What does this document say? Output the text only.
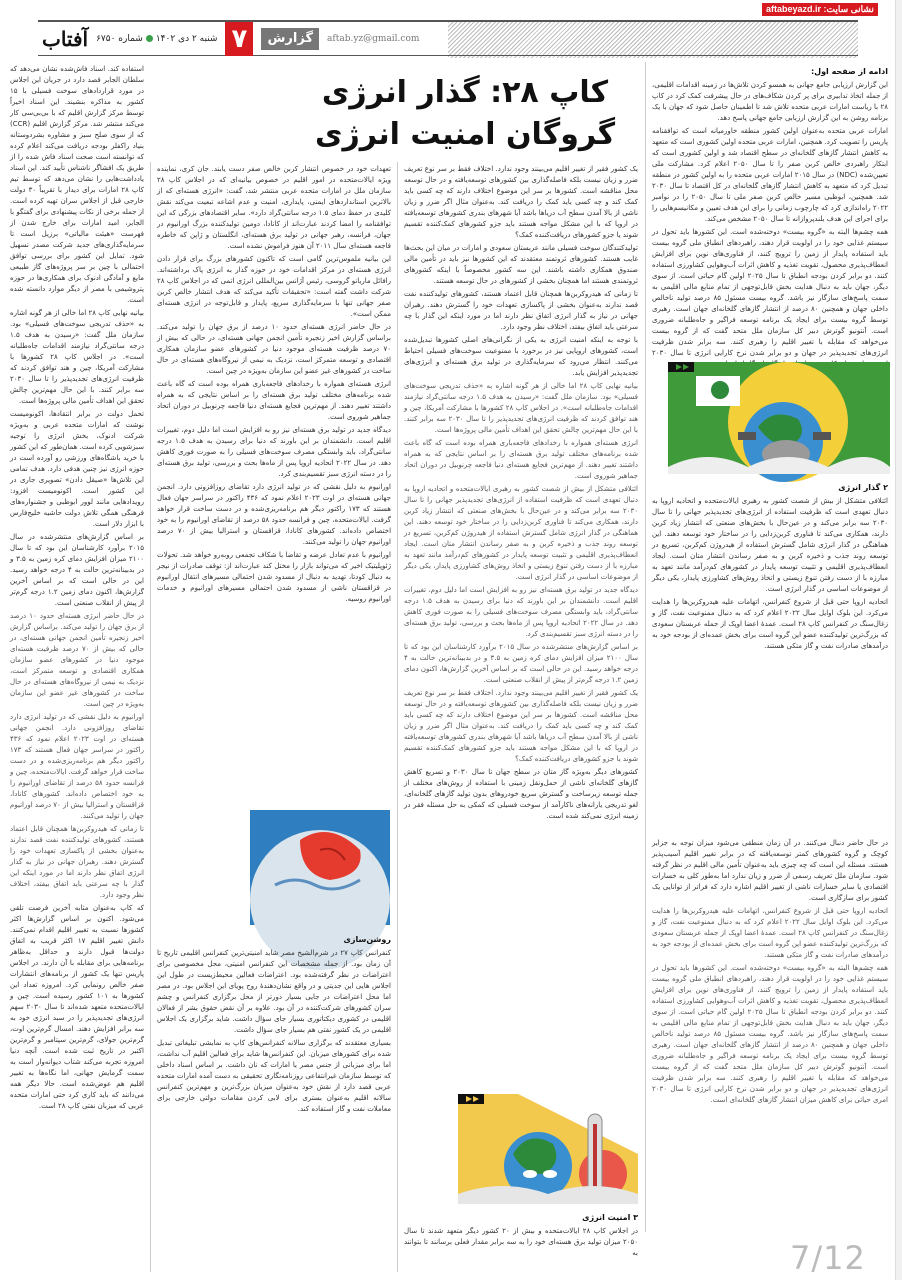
نشانی سایت: aftabeyazd.ir
آفتاب	شنبه ۲ دی ۱۴۰۲شماره ۶۷۵۰	۷	گزارش	aftab.yz@gmail.com
کاپ ۲۸: گذار انرژی
گروگان امنیت انرژی

ادامه از صفحه اول:

این گزارش ارزیابی جامع جهانی به همسو کردن تلاش‌ها در زمینه اقدامات اقلیمی، از جمله اتخاذ تدابیری برای پر کردن شکاف‌های در حال پیشرفت کمک کرد در کاپ ۲۸ با ریاست امارات عربی متحده تلاش شد تا اطمینان حاصل شود که جهان با یک برنامه روشن به این گزارش ارزیابی جامع جهانی پاسخ دهد.

امارات عربی متحده به‌عنوان اولین کشور منطقه خاورمیانه است که توافقنامه پاریس را تصویب کرد. همچنین، امارات عربی متحده اولین کشوری است که متعهد به کاهش انتشار گازهای گلخانه‌ای در سطح اقتصاد شد و اولین کشوری است که ابتکار راهبردی خالص کربن صفر را تا سال ۲۰۵۰ اعلام کرد. مشارکت ملی تعیین‌شده (NDC) در سال ۲۰۱۵ امارات عربی متحده را به اولین کشور در منطقه تبدیل کرد که متعهد به کاهش انتشار گازهای گلخانه‌ای در کل اقتصاد تا سال ۲۰۳۰ شد. همچنین، ابوظبی مسیر خالص کربن صفر ملی تا سال ۲۰۵۰ را در نوامبر ۲۰۲۲ راه‌اندازی کرد که چارچوب زمانی را برای این هدف تعیین و مکانیسم‌هایی را برای اجرای این هدف بلندپروازانه تا سال ۲۰۵۰ مشخص می‌کند.

همه چشم‌ها البته به «گروه بیست» دوخته‌شده است. این کشورها باید تحول در سیستم غذایی خود را در اولویت قرار دهند، راهبردهای انطباق ملی گروه بیست باید استفاده پایدار از زمین را ترویج کنند، از فناوری‌های نوین برای افزایش انعطاف‌پذیری محصول، تقویت تغذیه و کاهش اثرات آب‌وهوایی کشاورزی استفاده کنند. دو برابر کردن بودجه انطباق تا سال ۲۰۲۵ اولین گام حیاتی است. از سوی دیگر، جهان باید به دنبال هدایت بخش قابل‌توجهی از تمام منابع مالی اقلیمی به سمت پاسخ‌های سازگار نیز باشد. گروه بیست مسئول ۸۵ درصد تولید ناخالص داخلی جهان و همچنین ۸۰ درصد از انتشار گازهای گلخانه‌ای جهان است. رهبری توسط گروه بیست برای ایجاد یک برنامه توسعه فراگیر و جاه‌طلبانه ضروری است. آنتونیو گوترش دبیر کل سازمان ملل متحد گفت که از گروه بیست می‌خواهد که مقابله با تغییر اقلیم را رهبری کنند. سه برابر شدن ظرفیت انرژی‌های تجدیدپذیر در جهان و دو برابر شدن نرخ کارایی انرژی تا سال ۲۰۳۰

۲ گذار انرژی

ائتلافی متشکل از بیش از شصت کشور به رهبری ایالات‌متحده و اتحادیه اروپا به دنبال تعهدی است که ظرفیت استفاده از انرژی‌های تجدیدپذیر جهانی را تا سال ۲۰۳۰ سه برابر می‌کند و در عین‌حال با بخش‌های صنعتی که انتشار زیاد کربن دارند، همکاری می‌کند تا فناوری کربن‌زدایی را در ساختار خود توسعه دهند. این هماهنگی در گذار انرژی شامل گسترش استفاده از هیدروژن کم‌کربن، تسریع در توسعه روند جذب و ذخیره کربن و به صفر رساندن انتشار متان است. ایجاد انعطاف‌پذیری اقلیمی و تثبیت توسعه پایدار در کشورهای کم‌درآمد مانند تعهد به مبارزه با از دست رفتن تنوع زیستی و اتخاذ روش‌های کشاورزی پایدار، یکی دیگر از موضوعات اساسی در گذار انرژی است.

اتحادیه اروپا حتی قبل از شروع کنفرانس، اتهامات علیه هیدروکربن‌ها را هدایت می‌کرد. این بلوک اوایل سال ۲۰۲۲ اعلام کرد که به دنبال ممنوعیت نفت، گاز و زغال‌سنگ در کنفرانس کاپ ۲۸ است. عمدهٔ اعضا اوپک از جمله عربستان سعودی که بزرگ‌ترین تولیدکننده عضو این گروه است برای بخش عمده‌ای از بودجه خود به درآمدهای صادرات نفت و گاز متکی هستند.

در حال حاضر دنبال می‌کنند. در آن زمان منطقی می‌شود میزان توجه به جزایر کوچک و گروه کشورهای کمتر توسعه‌یافته که در برابر تغییر اقلیم آسیب‌پذیر هستند. مسئله این است که چه چیزی باید به‌عنوان تأمین مالی اقلیم در نظر گرفته شود. سازمان ملل تعریف رسمی از ضرر و زیان ندارد اما به‌طور کلی به خسارات اقتصادی یا سایر خسارات ناشی از تغییر اقلیم اشاره دارد که فراتر از توانایی یک کشور برای سازگاری است.

اتحادیه اروپا حتی قبل از شروع کنفرانس، اتهامات علیه هیدروکربن‌ها را هدایت می‌کرد. این بلوک اوایل سال ۲۰۲۲ اعلام کرد که به دنبال ممنوعیت نفت، گاز و زغال‌سنگ در کنفرانس کاپ ۲۸ است. عمدهٔ اعضا اوپک از جمله عربستان سعودی که بزرگ‌ترین تولیدکننده عضو این گروه است برای بخش عمده‌ای از بودجه خود به درآمدهای صادرات نفت و گاز متکی هستند.

همه چشم‌ها البته به «گروه بیست» دوخته‌شده است. این کشورها باید تحول در سیستم غذایی خود را در اولویت قرار دهند، راهبردهای انطباق ملی گروه بیست باید استفاده پایدار از زمین را ترویج کنند، از فناوری‌های نوین برای افزایش انعطاف‌پذیری محصول، تقویت تغذیه و کاهش اثرات آب‌وهوایی کشاورزی استفاده کنند. دو برابر کردن بودجه انطباق تا سال ۲۰۲۵ اولین گام حیاتی است. از سوی دیگر، جهان باید به دنبال هدایت بخش قابل‌توجهی از تمام منابع مالی اقلیمی به سمت پاسخ‌های سازگار نیز باشد. گروه بیست مسئول ۸۵ درصد تولید ناخالص داخلی جهان و همچنین ۸۰ درصد از انتشار گازهای گلخانه‌ای جهان است. رهبری توسط گروه بیست برای ایجاد یک برنامه توسعه فراگیر و جاه‌طلبانه ضروری است. آنتونیو گوترش دبیر کل سازمان ملل متحد گفت که از گروه بیست می‌خواهد که مقابله با تغییر اقلیم را رهبری کنند. سه برابر شدن ظرفیت انرژی‌های تجدیدپذیر در جهان و دو برابر شدن نرخ کارایی انرژی تا سال ۲۰۳۰ امری حیاتی برای کاهش میزان انتشار گازهای گلخانه‌ای است.

یک کشور فقیر از تغییر اقلیم می‌بینند وجود ندارد. اختلاف فقط بر سر نوع تعریف ضرر و زیان نیست بلکه فاصله‌گذاری بین کشورهای توسعه‌یافته و در حال توسعه محل مناقشه است. کشورها بر سر این موضوع اختلاف دارند که چه کسی باید کمک کند و چه کسی باید کمک را دریافت کند. به‌عنوان مثال اگر ضرر و زیان ناشی از بالا آمدن سطح آب دریاها باشد آیا شهرهای بندری کشورهای توسعه‌یافته در اروپا که با این مشکل مواجه هستند باید جزو کشورهای کمک‌کننده تقسیم شوند یا جزو کشورهای دریافت‌کننده کمک؟

تولیدکنندگان سوخت فسیلی مانند عربستان سعودی و امارات در میان این بحث‌ها غایب هستند. کشورهای ثروتمند معتقدند که این کشورها نیز باید در تأمین مالی صندوق همکاری داشته باشند. این سه کشور مخصوصاً با اینکه کشورهای ثروتمندی هستند اما همچنان بخشی از کشورهای در حال توسعه هستند.

تا زمانی که هیدروکربن‌ها همچنان قابل ‌اعتماد هستند، کشورهای تولیدکننده نفت قصد ندارند به‌عنوان بخشی از پاکسازی تعهدات خود را گسترش دهند. رهبران جهانی در نیاز به گذار انرژی اتفاق نظر دارند اما در مورد اینکه این گذار با چه سرعتی باید اتفاق بیفتد، اختلاف نظر وجود دارد.

با توجه به اینکه امنیت انرژی به یکی از نگرانی‌های اصلی کشورها تبدیل‌شده است، کشورهای اروپایی نیز در برخورد با ممنوعیت سوخت‌های فسیلی احتیاط می‌کنند. انتظار می‌رود که سرمایه‌گذاری در تولید برق هسته‌ای و انرژی‌های تجدیدپذیر افزایش یابد.

بیانیه نهایی کاپ ۲۸ اما خالی از هر گونه اشاره به «حذف تدریجی سوخت‌های فسیلی» بود. سازمان ملل گفت: «رسیدن به هدف ۱.۵ درجه سانتی‌گراد نیازمند اقدامات جاه‌طلبانه است». در اجلاس کاپ ۲۸ کشورها با مشارکت آمریکا، چین و هند توافق کردند که ظرفیت انرژی‌های تجدیدپذیر را تا سال ۲۰۳۰ سه برابر کنند. با این حال مهم‌ترین چالش تحقق این اهداف تأمین مالی پروژه‌ها است.

انرژی هسته‌ای همواره با رخدادهای فاجعه‌باری همراه بوده است که گاه باعث شده برنامه‌های مختلف تولید برق هسته‌ای را بر اساس نتایجی که به همراه داشتند تغییر دهند. از مهم‌ترین فجایع هسته‌ای دنیا فاجعه چرنوبیل در دوران اتحاد جماهیر شوروی است.

ائتلافی متشکل از بیش از شصت کشور به رهبری ایالات‌متحده و اتحادیه اروپا به دنبال تعهدی است که ظرفیت استفاده از انرژی‌های تجدیدپذیر جهانی را تا سال ۲۰۳۰ سه برابر می‌کند و در عین‌حال با بخش‌های صنعتی که انتشار زیاد کربن دارند، همکاری می‌کند تا فناوری کربن‌زدایی را در ساختار خود توسعه دهند. این هماهنگی در گذار انرژی شامل گسترش استفاده از هیدروژن کم‌کربن، تسریع در توسعه روند جذب و ذخیره کربن و به صفر رساندن انتشار متان است. ایجاد انعطاف‌پذیری اقلیمی و تثبیت توسعه پایدار در کشورهای کم‌درآمد مانند تعهد به مبارزه با از دست رفتن تنوع زیستی و اتخاذ روش‌های کشاورزی پایدار، یکی دیگر از موضوعات اساسی در گذار انرژی است.

دیدگاه جدید در تولید برق هسته‌ای نیز رو به افزایش است اما دلیل دوم، تغییرات اقلیم است. دانشمندان بر این باورند که دنیا برای رسیدن به هدف ۱.۵ درجه سانتی‌گراد، باید وابستگی مصرف سوخت‌های فسیلی را به صورت فوری کاهش دهد. در سال ۲۰۲۲ اتحادیه اروپا پس از ماه‌ها بحث و بررسی، تولید برق هسته‌ای را در دسته انرژی سبز تقسیم‌بندی کرد.

بر اساس گزارش‌های منتشرشده در سال ۲۰۱۵ برآورد کارشناسان این بود که تا سال ۲۱۰۰ میزان افزایش دمای کره زمین به ۳.۵ و در بدبینانه‌ترین حالت به ۴ درجه خواهد رسید. این در حالی است که بر اساس آخرین گزارش‌ها، اکنون دمای زمین ۱.۲ درجه گرم‌تر از پیش از انقلاب صنعتی است.

یک کشور فقیر از تغییر اقلیم می‌بینند وجود ندارد. اختلاف فقط بر سر نوع تعریف ضرر و زیان نیست بلکه فاصله‌گذاری بین کشورهای توسعه‌یافته و در حال توسعه محل مناقشه است. کشورها بر سر این موضوع اختلاف دارند که چه کسی باید کمک کند و چه کسی باید کمک را دریافت کند. به‌عنوان مثال اگر ضرر و زیان ناشی از بالا آمدن سطح آب دریاها باشد آیا شهرهای بندری کشورهای توسعه‌یافته در اروپا که با این مشکل مواجه هستند باید جزو کشورهای کمک‌کننده تقسیم شوند یا جزو کشورهای دریافت‌کننده کمک؟

کشورهای دیگر به‌ویژه گاز متان در سطح جهان تا سال ۲۰۳۰ و تسریع کاهش گازهای گلخانه‌ای ناشی از حمل‌ونقل زمینی با استفاده از روش‌های مختلف از جمله توسعه زیرساخت و گسترش سریع خودروهای بدون تولید گازهای گلخانه‌ای، لغو تدریجی یارانه‌های ناکارآمد از سوخت فسیلی که کمکی به حل مسئله فقر در زمینه انرژی نمی‌کند شده است.

۳ امنیت انرژی

در اجلاس کاپ ۲۸ ایالات‌متحده و بیش از ۲۰ کشور دیگر متعهد شدند تا سال ۲۰۵۰ میزان تولید برق هسته‌ای خود را به سه برابر مقدار فعلی برسانند تا بتوانند به

تعهدات خود در خصوص انتشار کربن خالص صفر دست یابند. جان کری، نماینده ویژه ایالات‌متحده در امور اقلیم در خصوص بیانیه‌ای که در اجلاس کاپ ۲۸ سازمان ملل در امارات متحده عربی منتشر شد، گفت: «انرژی هسته‌ای که از بالاترین استانداردهای ایمنی، پایداری، امنیت و عدم اشاعه تبعیت می‌کند نقش کلیدی در حفظ دمای ۱.۵ درجه سانتی‌گراد دارد». سایر اقتصادهای بزرگی که این توافقنامه را امضا کردند عبارت‌اند از کانادا، دومین تولیدکننده بزرگ اورانیوم در جهان، فرانسه، رهبر جهانی در تولید برق هسته‌ای، انگلستان و ژاپن که خاطره فاجعه هسته‌ای سال ۲۰۱۱ آن هنوز فراموش نشده است.

این بیانیه ملموس‌ترین گامی است که تاکنون کشورهای بزرگ برای قرار دادن انرژی هسته‌ای در مرکز اقدامات خود در حوزه گذار به انرژی پاک برداشته‌اند. رافائل ماریانو گروسی، رئیس آژانس بین‌المللی انرژی اتمی که در اجلاس کاپ ۲۸ شرکت داشت گفته است: «تحقیقات تأکید می‌کند که هدف انتشار خالص کربن صفر جهانی تنها با سرمایه‌گذاری سریع، پایدار و قابل‌توجه در انرژی هسته‌ای ممکن است».

در حال حاضر انرژی هسته‌ای حدود ۱۰ درصد از برق جهان را تولید می‌کند. براساس گزارش اخیر زنجیره تأمین انجمن جهانی هسته‌ای، در حالی که بیش از ۷۰ درصد ظرفیت هسته‌ای موجود دنیا در کشورهای عضو سازمان همکاری اقتصادی و توسعه متمرکز است، نزدیک به نیمی از نیروگاه‌های هسته‌ای در حال ساخت در کشورهای غیر عضو این سازمان به‌ویژه در چین است.

انرژی هسته‌ای همواره با رخدادهای فاجعه‌باری همراه بوده است که گاه باعث شده برنامه‌های مختلف تولید برق هسته‌ای را بر اساس نتایجی که به همراه داشتند تغییر دهند. از مهم‌ترین فجایع هسته‌ای دنیا فاجعه چرنوبیل در دوران اتحاد جماهیر شوروی است.

دیدگاه جدید در تولید برق هسته‌ای نیز رو به افزایش است اما دلیل دوم، تغییرات اقلیم است. دانشمندان بر این باورند که دنیا برای رسیدن به هدف ۱.۵ درجه سانتی‌گراد، باید وابستگی مصرف سوخت‌های فسیلی را به صورت فوری کاهش دهد. در سال ۲۰۲۲ اتحادیه اروپا پس از ماه‌ها بحث و بررسی، تولید برق هسته‌ای را در دسته انرژی سبز تقسیم‌بندی کرد.

اورانیوم به دلیل نقشی که در تولید انرژی دارد تقاضای روزافزونی دارد. انجمن جهانی هسته‌ای در اوت ۲۰۲۳ اعلام نمود که ۴۳۶ راکتور در سراسر جهان فعال هستند که ۱۷۳ راکتور دیگر هم برنامه‌ریزی‌شده و در دست ساخت قرار خواهد گرفت. ایالات‌متحده، چین و فرانسه حدود ۵۸ درصد از تقاضای اورانیوم را به خود اختصاص داده‌اند. کشورهای کانادا، قزاقستان و استرالیا بیش از ۷۰ درصد اورانیوم جهان را تولید می‌کنند.

اورانیوم با عدم تعادل عرضه و تقاضا با شکاف تجمعی روبه‌رو خواهد شد. تحولات ژئوپلیتیک اخیر که می‌تواند بازار را مختل کند عبارت‌اند از: توقف صادرات از نیجر به دنبال کودتا، تهدید به دنبال از مسدود شدن احتمالی مسیرهای انتقال اورانیوم در قزاقستان ناشی از مسدود شدن احتمالی مسیرهای اورانیوم و خدمات اورانیوم روسیه.

روشن‌سازی

کنفرانس کاپ ۲۷ در شرم‌الشیخ مصر شاید امنیتی‌ترین کنفرانس اقلیمی تاریخ تا آن زمان بود. از جمله مشخصات این کنفرانس امنیتی، محل مخصوصی برای اعتراضات در نظر گرفته‌شده بود. اعتراضات فعالین محیط‌زیست در طول این اجلاس هایی این جدیتی و در واقع نشان‌دهندهٔ روح پویای این اجلاس بود. در مصر اما محل اعتراضات در جایی بسیار دورتر از محل برگزاری کنفرانس و چشم سران کشورهای شرکت‌کننده در آن بود. علاوه بر آن نقض حقوق بشر از فعالان اقلیمی در کشوری دیکتاتوری بسیار جای سؤال داشت. شاید برگزاری یک اجلاس اقلیمی در یک کشور نفتی هم بسیار جای سؤال داشت.

بسیاری معتقدند که برگزاری سالانه کنفرانس‌های کاپ به نمایشی تبلیغاتی تبدیل شده برای کشورهای میزبان. این کنفرانس‌ها شاید برای فعالین اقلیم آب نداشت، اما برای میزبانی از جنس مصر یا امارات که نان داشت. بر اساس اسناد داخلی که توسط سازمان غیرانتفاعی روزنامه‌نگاری تحقیقی به دست آمده امارات متحده عربی قصد دارد از نقش خود به‌عنوان میزبان بزرگ‌ترین و مهم‌ترین کنفرانس سالانه اقلیم به‌عنوان بستری برای لابی کردن مقامات دولتی خارجی برای معاملات نفت و گاز استفاده کند.

استفاده کند. اسناد فاش‌شده نشان می‌دهد که سلطان الجابر قصد دارد در جریان این اجلاس در مورد قراردادهای سوخت فسیلی با ۱۵ کشور به مذاکره بنشیند. این اسناد اخیراً توسط مرکز گزارش اقلیم که با بی‌بی‌سی کار می‌کند منتشر شد. مرکز گزارش اقلیم (CCR) که از سوی صلح سبز و مشاوره بشردوستانه بنیاد راکفلر بودجه دریافت می‌کند اعلام کرده که توانسته است صحت اسناد فاش شده را از طریق یک افشاگر ناشناس تأیید کند. این اسناد یادداشت‌هایی را نشان می‌دهد که توسط تیم کاپ ۲۸ امارات برای دیدار با تقریباً ۳۰ دولت خارجی قبل از اجلاس سران تهیه کرده است. از جمله برخی از نکات پیشنهادی برای گفتگو با الجابر، امید امارات برای خارج شدن از فهرست «هیئت مالیاتی» برزیل است تا سرمایه‌گذاری‌های جدید شرکت مصدر تسهیل شود. تمایل این کشور برای بررسی توافق احتمالی با چین بر سر پروژه‌های گاز طبیعی مایع و آمادگی ادنوک برای همکاری‌ها در حوزه پتروشیمی با مصر از دیگر موارد دانسته شده است.

بیانیه نهایی کاپ ۲۸ اما خالی از هر گونه اشاره به «حذف تدریجی سوخت‌های فسیلی» بود. سازمان ملل گفت: «رسیدن به هدف ۱.۵ درجه سانتی‌گراد نیازمند اقدامات جاه‌طلبانه است». در اجلاس کاپ ۲۸ کشورها با مشارکت آمریکا، چین و هند توافق کردند که ظرفیت انرژی‌های تجدیدپذیر را تا سال ۲۰۳۰ سه برابر کنند. با این حال مهم‌ترین چالش تحقق این اهداف تأمین مالی پروژه‌ها است.

تحمل دولت در برابر انتقادها، اکونومیست نوشت که امارات متحده عربی و به‌ویژه شرکت ادنوک، بخش انرژی را توجیه سبزشویی کرده است. همان‌طور که این کشور با خرید باشگاه‌های ورزشی رو آورده است در حوزه انرژی نیز چنین هدفی دارد. هدف تمامی این تلاش‌ها «صیقل دادن» تصویری جاری در این کشور است. اکونومیست افزود: رویدادهایی مانند لوور ابوظبی و جشنواره‌های فرهنگی همگی تلاش دولت حاشیه خلیج‌فارس با ابزار دلار است.

بر اساس گزارش‌های منتشرشده در سال ۲۰۱۵ برآورد کارشناسان این بود که تا سال ۲۱۰۰ میزان افزایش دمای کره زمین به ۳.۵ و در بدبینانه‌ترین حالت به ۴ درجه خواهد رسید. این در حالی است که بر اساس آخرین گزارش‌ها، اکنون دمای زمین ۱.۲ درجه گرم‌تر از پیش از انقلاب صنعتی است.

در حال حاضر انرژی هسته‌ای حدود ۱۰ درصد از برق جهان را تولید می‌کند. براساس گزارش اخیر زنجیره تأمین انجمن جهانی هسته‌ای، در حالی که بیش از ۷۰ درصد ظرفیت هسته‌ای موجود دنیا در کشورهای عضو سازمان همکاری اقتصادی و توسعه متمرکز است، نزدیک به نیمی از نیروگاه‌های هسته‌ای در حال ساخت در کشورهای غیر عضو این سازمان به‌ویژه در چین است.

اورانیوم به دلیل نقشی که در تولید انرژی دارد تقاضای روزافزونی دارد. انجمن جهانی هسته‌ای در اوت ۲۰۲۳ اعلام نمود که ۴۳۶ راکتور در سراسر جهان فعال هستند که ۱۷۳ راکتور دیگر هم برنامه‌ریزی‌شده و در دست ساخت قرار خواهد گرفت. ایالات‌متحده، چین و فرانسه حدود ۵۸ درصد از تقاضای اورانیوم را به خود اختصاص داده‌اند. کشورهای کانادا، قزاقستان و استرالیا بیش از ۷۰ درصد اورانیوم جهان را تولید می‌کنند.

تا زمانی که هیدروکربن‌ها همچنان قابل ‌اعتماد هستند، کشورهای تولیدکننده نفت قصد ندارند به‌عنوان بخشی از پاکسازی تعهدات خود را گسترش دهند. رهبران جهانی در نیاز به گذار انرژی اتفاق نظر دارند اما در مورد اینکه این گذار با چه سرعتی باید اتفاق بیفتد، اختلاف نظر وجود دارد.

که کاپ به‌عنوان مثابه آخرین فرصت تلقی می‌شود. اکنون بر اساس گزارش‌ها اکثر کشورها نسبت به تغییر اقلیم اقدام نمی‌کنند. دانش تغییر اقلیم ۱۷ اکثر قریب به اتفاق دولت‌ها قبول دارند و حداقل به‌ظاهر برنامه‌هایی برای مقابله با آن دارند. در اجلاس پاریس تنها یک کشور از برنامه‌های انتشارات صفر خالص رونمایی کرد. امروزه تعداد این کشورها به ۱۰۱ کشور رسیده است. چین و ایالات‌متحده متعهد شده‌اند تا سال ۲۰۳۰ سهم انرژی‌های تجدیدپذیر را در سبد انرژی خود به سه برابر افزایش دهند. امسال گرم‌ترین اوت، گرم‌ترین جولای، گرم‌ترین سپتامبر و گرم‌ترین اکتبر در تاریخ ثبت شده است. آنچه دنیا امروزه تجربه می‌کند شتاب دیوانه‌وار است به سمت گرمایش جهانی، اما نگاه‌ها به تغییر اقلیم هم عوض‌شده است. حالا دیگر همه می‌دانند که باید کاری کرد حتی امارات متحده عربی که میزبان نفتی کاپ ۲۸ است.

7/12
